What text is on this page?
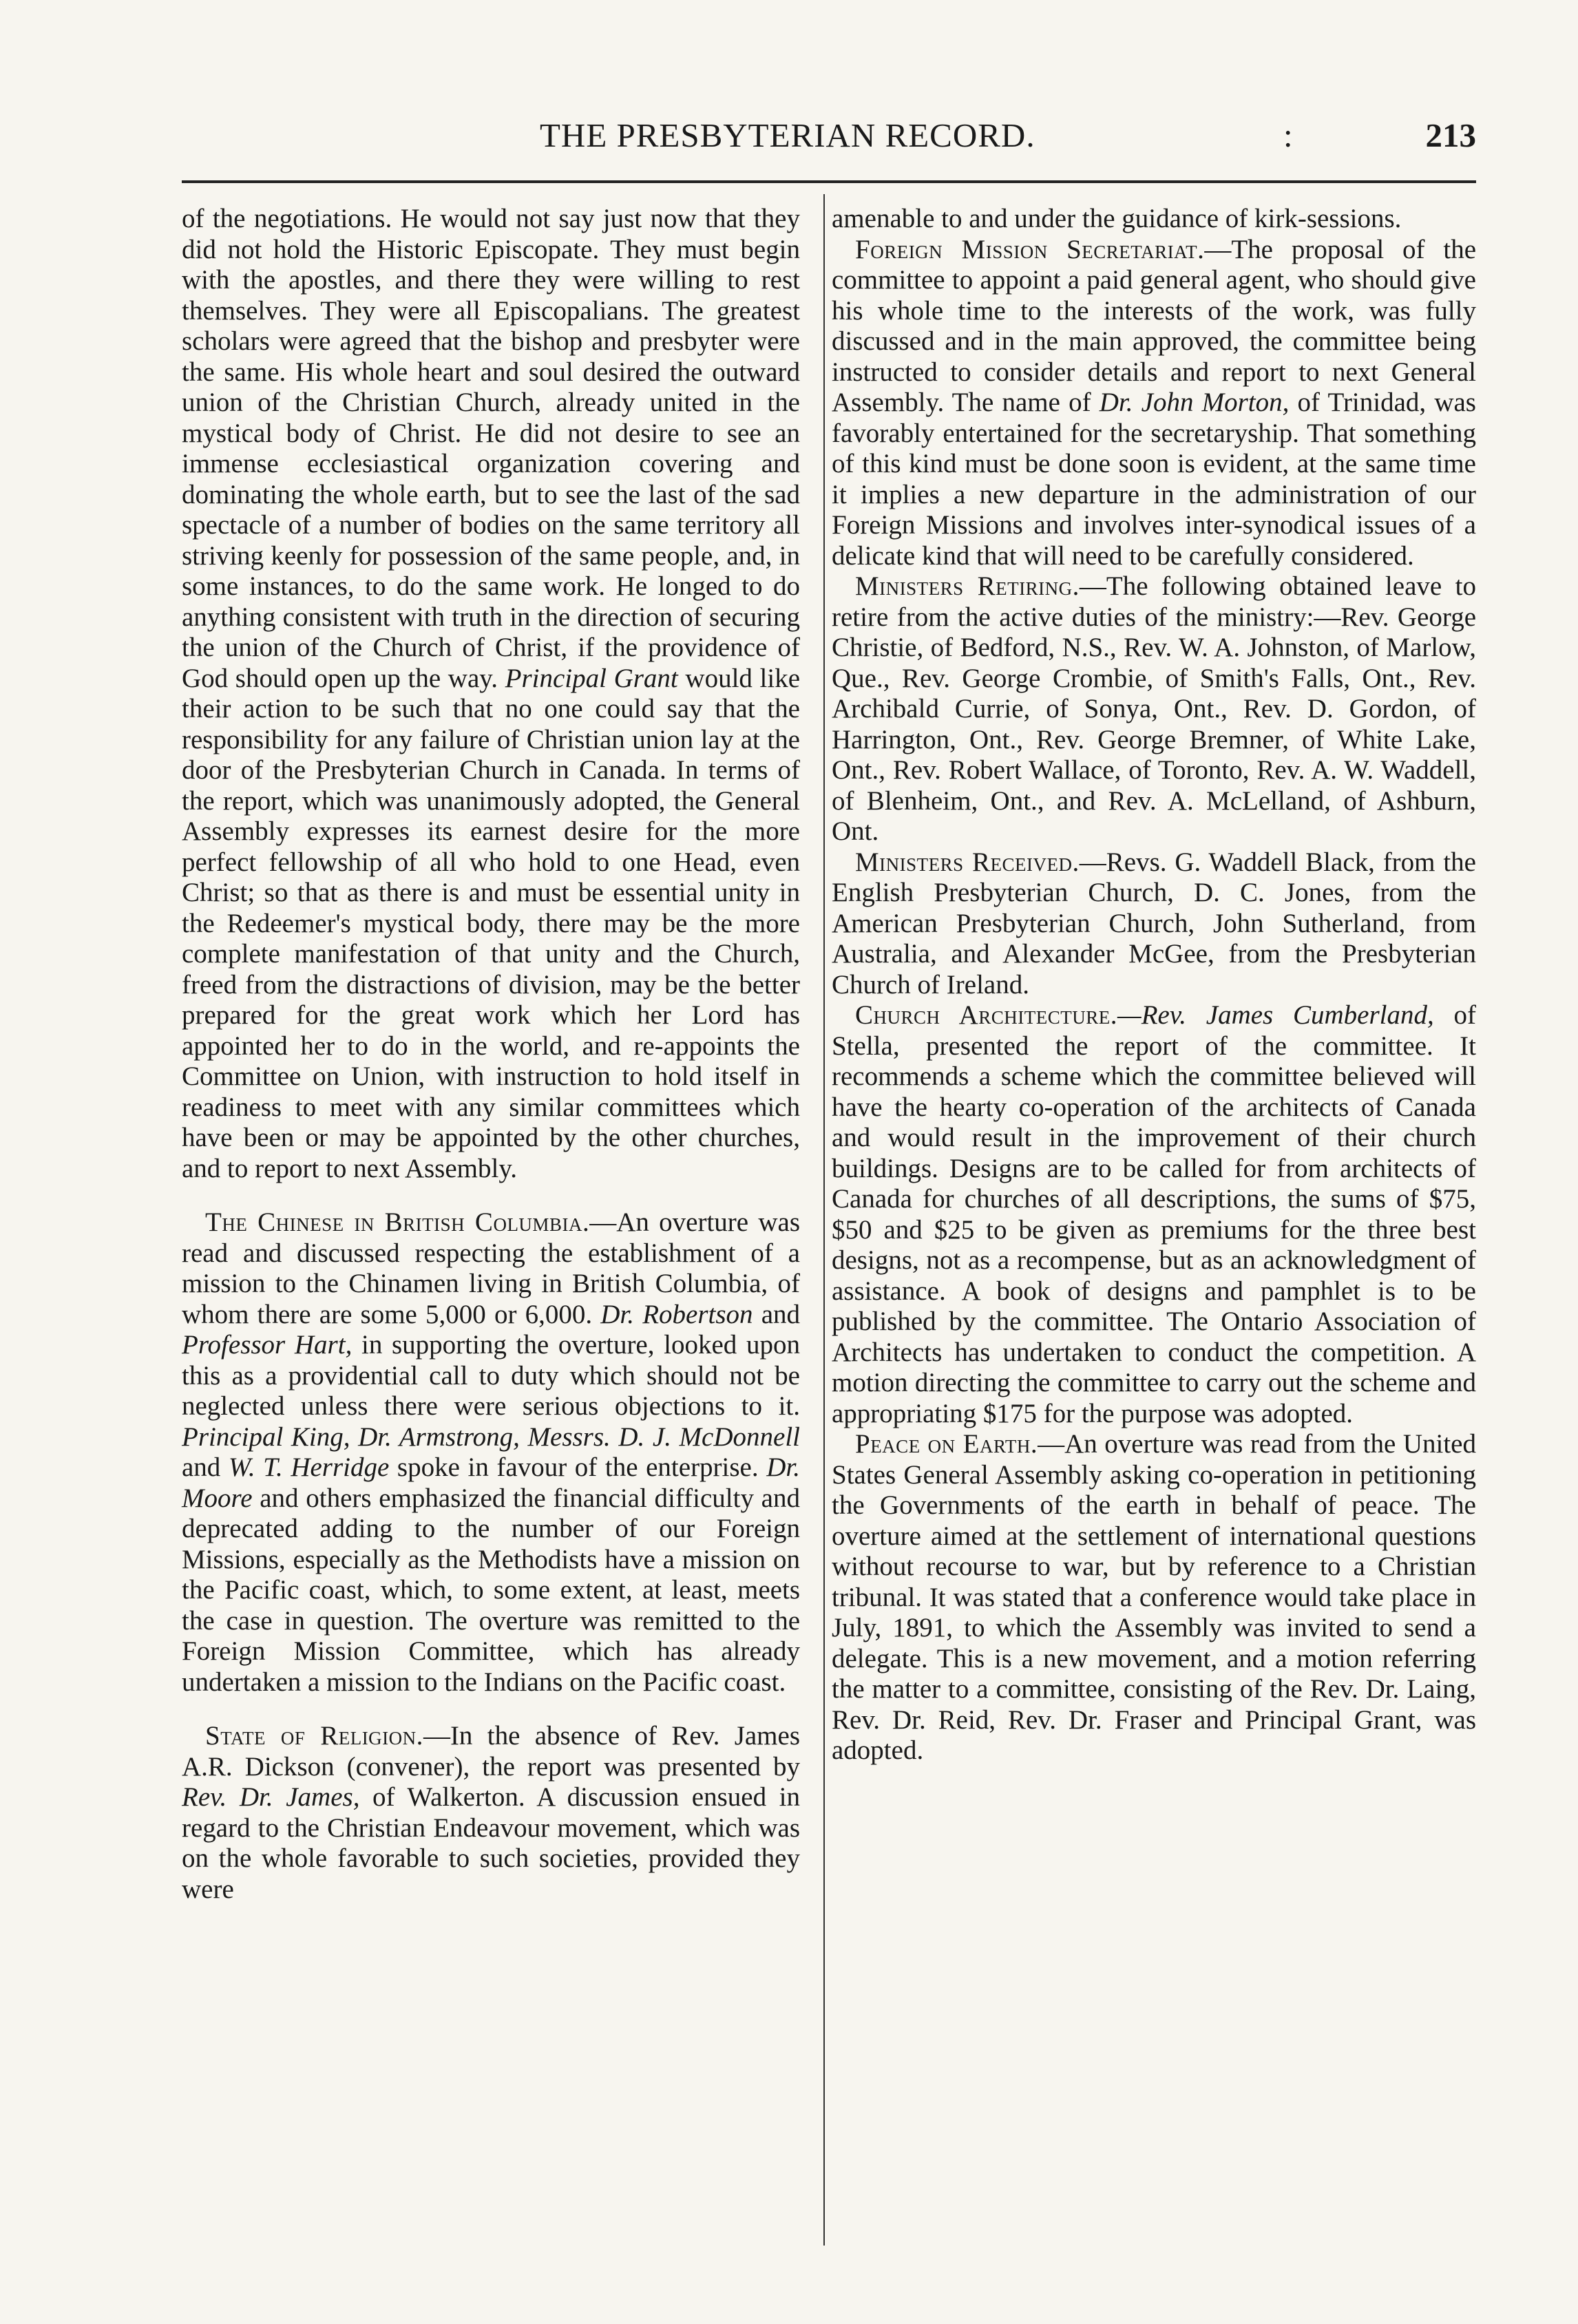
THE PRESBYTERIAN RECORD.	:	213

of the negotiations. He would not say just now that they did not hold the Historic Episcopate. They must begin with the apostles, and there they were willing to rest themselves. They were all Episcopalians. The greatest scholars were agreed that the bishop and presbyter were the same. His whole heart and soul desired the outward union of the Christian Church, already united in the mystical body of Christ. He did not desire to see an immense ecclesiastical organization covering and dominating the whole earth, but to see the last of the sad spectacle of a number of bodies on the same territory all striving keenly for possession of the same people, and, in some instances, to do the same work. He longed to do anything consistent with truth in the direction of securing the union of the Church of Christ, if the providence of God should open up the way. Principal Grant would like their action to be such that no one could say that the responsibility for any failure of Christian union lay at the door of the Presbyterian Church in Canada. In terms of the report, which was unanimously adopted, the General Assembly expresses its earnest desire for the more perfect fellowship of all who hold to one Head, even Christ; so that as there is and must be essential unity in the Redeemer's mystical body, there may be the more complete manifestation of that unity and the Church, freed from the distractions of division, may be the better prepared for the great work which her Lord has appointed her to do in the world, and re-appoints the Committee on Union, with instruction to hold itself in readiness to meet with any similar committees which have been or may be appointed by the other churches, and to report to next Assembly.

The Chinese in British Columbia.—An overture was read and discussed respecting the establishment of a mission to the Chinamen living in British Columbia, of whom there are some 5,000 or 6,000. Dr. Robertson and Professor Hart, in supporting the overture, looked upon this as a providential call to duty which should not be neglected unless there were serious objections to it. Principal King, Dr. Armstrong, Messrs. D. J. McDonnell and W. T. Herridge spoke in favour of the enterprise. Dr. Moore and others emphasized the financial difficulty and deprecated adding to the number of our Foreign Missions, especially as the Methodists have a mission on the Pacific coast, which, to some extent, at least, meets the case in question. The overture was remitted to the Foreign Mission Committee, which has already undertaken a mission to the Indians on the Pacific coast.

State of Religion.—In the absence of Rev. James A.R. Dickson (convener), the report was presented by Rev. Dr. James, of Walkerton. A discussion ensued in regard to the Christian Endeavour movement, which was on the whole favorable to such societies, provided they were

amenable to and under the guidance of kirk-sessions.

Foreign Mission Secretariat.—The proposal of the committee to appoint a paid general agent, who should give his whole time to the interests of the work, was fully discussed and in the main approved, the committee being instructed to consider details and report to next General Assembly. The name of Dr. John Morton, of Trinidad, was favorably entertained for the secretaryship. That something of this kind must be done soon is evident, at the same time it implies a new departure in the administration of our Foreign Missions and involves inter-synodical issues of a delicate kind that will need to be carefully considered.

Ministers Retiring.—The following obtained leave to retire from the active duties of the ministry:—Rev. George Christie, of Bedford, N.S., Rev. W. A. Johnston, of Marlow, Que., Rev. George Crombie, of Smith's Falls, Ont., Rev. Archibald Currie, of Sonya, Ont., Rev. D. Gordon, of Harrington, Ont., Rev. George Bremner, of White Lake, Ont., Rev. Robert Wallace, of Toronto, Rev. A. W. Waddell, of Blenheim, Ont., and Rev. A. McLelland, of Ashburn, Ont.

Ministers Received.—Revs. G. Waddell Black, from the English Presbyterian Church, D. C. Jones, from the American Presbyterian Church, John Sutherland, from Australia, and Alexander McGee, from the Presbyterian Church of Ireland.

Church Architecture.—Rev. James Cumberland, of Stella, presented the report of the committee. It recommends a scheme which the committee believed will have the hearty co-operation of the architects of Canada and would result in the improvement of their church buildings. Designs are to be called for from architects of Canada for churches of all descriptions, the sums of $75, $50 and $25 to be given as premiums for the three best designs, not as a recompense, but as an acknowledgment of assistance. A book of designs and pamphlet is to be published by the committee. The Ontario Association of Architects has undertaken to conduct the competition. A motion directing the committee to carry out the scheme and appropriating $175 for the purpose was adopted.

Peace on Earth.—An overture was read from the United States General Assembly asking co-operation in petitioning the Governments of the earth in behalf of peace. The overture aimed at the settlement of international questions without recourse to war, but by reference to a Christian tribunal. It was stated that a conference would take place in July, 1891, to which the Assembly was invited to send a delegate. This is a new movement, and a motion referring the matter to a committee, consisting of the Rev. Dr. Laing, Rev. Dr. Reid, Rev. Dr. Fraser and Principal Grant, was adopted.
